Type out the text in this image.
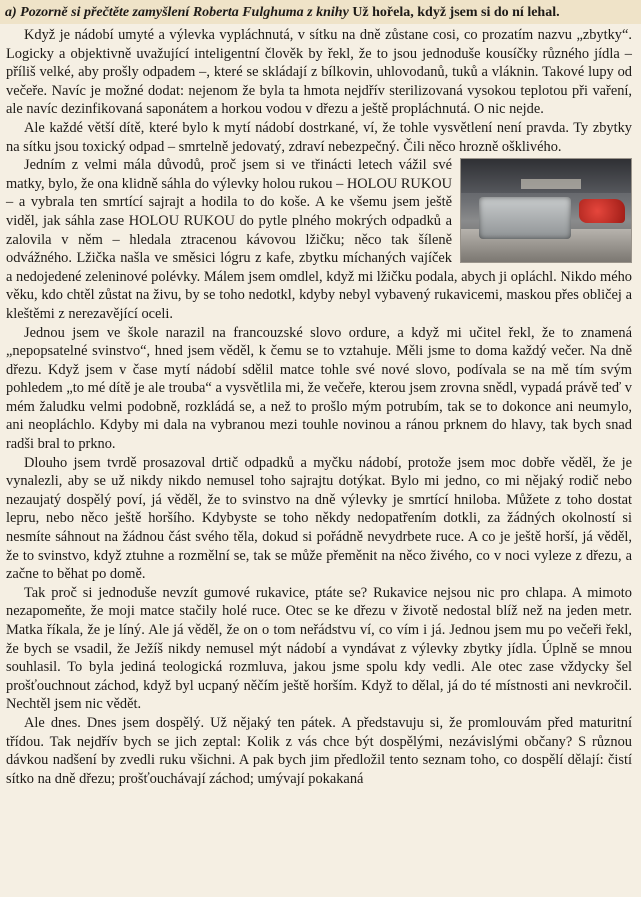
a) Pozorně si přečtěte zamyšlení Roberta Fulghuma z knihy Už hořela, když jsem si do ní lehal.

Když je nádobí umyté a výlevka vypláchnutá, v sítku na dně zůstane cosi, co prozatím nazvu „zbytky“. Logicky a objektivně uvažující inteligentní člověk by řekl, že to jsou jednoduše kousíčky různého jídla – příliš velké, aby prošly odpadem –, které se skládají z bílkovin, uhlovodanů, tuků a vláknin. Takové lupy od večeře. Navíc je možné dodat: nejenom že byla ta hmota nejdřív sterilizovaná vysokou teplotou při vaření, ale navíc dezinfikovaná saponátem a horkou vodou v dřezu a ještě propláchnutá. O nic nejde.

Ale každé větší dítě, které bylo k mytí nádobí dostrkané, ví, že tohle vysvětlení není pravda. Ty zbytky na sítku jsou toxický odpad – smrtelně jedovatý, zdraví nebezpečný. Čili něco hrozně ošklivého.

Jedním z velmi mála důvodů, proč jsem si ve třinácti letech vážil své matky, bylo, že ona klidně sáhla do výlevky holou rukou – HOLOU RUKOU – a vybrala ten smrtící sajrajt a hodila to do koše. A ke všemu jsem ještě viděl, jak sáhla zase HOLOU RUKOU do pytle plného mokrých odpadků a zalovila v něm – hledala ztracenou kávovou lžičku; něco tak šíleně odvážného. Lžička našla ve směsici lógru z kafe, zbytku míchaných vajíček a nedojedené zeleninové polévky. Málem jsem omdlel, když mi lžičku podala, abych ji opláchl. Nikdo mého věku, kdo chtěl zůstat na živu, by se toho nedotkl, kdyby nebyl vybavený rukavicemi, maskou přes obličej a kleštěmi z nerezavějící oceli.

Jednou jsem ve škole narazil na francouzské slovo ordure, a když mi učitel řekl, že to znamená „nepopsatelné svinstvo“, hned jsem věděl, k čemu se to vztahuje. Měli jsme to doma každý večer. Na dně dřezu. Když jsem v čase mytí nádobí sdělil matce tohle své nové slovo, podívala se na mě tím svým pohledem „to mé dítě je ale trouba“ a vysvětlila mi, že večeře, kterou jsem zrovna snědl, vypadá právě teď v mém žaludku velmi podobně, rozkládá se, a než to prošlo mým potrubím, tak se to dokonce ani neumylo, ani neopláchlo. Kdyby mi dala na vybranou mezi touhle novinou a ránou prknem do hlavy, tak bych snad radši bral to prkno.

Dlouho jsem tvrdě prosazoval drtič odpadků a myčku nádobí, protože jsem moc dobře věděl, že je vynalezli, aby se už nikdy nikdo nemusel toho sajrajtu dotýkat. Bylo mi jedno, co mi nějaký rodič nebo nezaujatý dospělý poví, já věděl, že to svinstvo na dně výlevky je smrtící hniloba. Můžete z toho dostat lepru, nebo něco ještě horšího. Kdybyste se toho někdy nedopatřením dotkli, za žádných okolností si nesmíte sáhnout na žádnou část svého těla, dokud si pořádně nevydrbete ruce. A co je ještě horší, já věděl, že to svinstvo, když ztuhne a rozmělní se, tak se může přeměnit na něco živého, co v noci vyleze z dřezu, a začne to běhat po domě.

Tak proč si jednoduše nevzít gumové rukavice, ptáte se? Rukavice nejsou nic pro chlapa. A mimoto nezapomeňte, že moji matce stačily holé ruce. Otec se ke dřezu v životě nedostal blíž než na jeden metr. Matka říkala, že je líný. Ale já věděl, že on o tom neřádstvu ví, co vím i já. Jednou jsem mu po večeři řekl, že bych se vsadil, že Ježíš nikdy nemusel mýt nádobí a vyndávat z výlevky zbytky jídla. Úplně se mnou souhlasil. To byla jediná teologická rozmluva, jakou jsme spolu kdy vedli. Ale otec zase vždycky šel prošťouchnout záchod, když byl ucpaný něčím ještě horším. Když to dělal, já do té místnosti ani nevkročil. Nechtěl jsem nic vědět.

Ale dnes. Dnes jsem dospělý. Už nějaký ten pátek. A představuju si, že promlouvám před maturitní třídou. Tak nejdřív bych se jich zeptal: Kolik z vás chce být dospělými, nezávislými občany? S různou dávkou nadšení by zvedli ruku všichni. A pak bych jim předložil tento seznam toho, co dospělí dělají: čistí sítko na dně dřezu; prošťouchávají záchod; umývají pokakaná
